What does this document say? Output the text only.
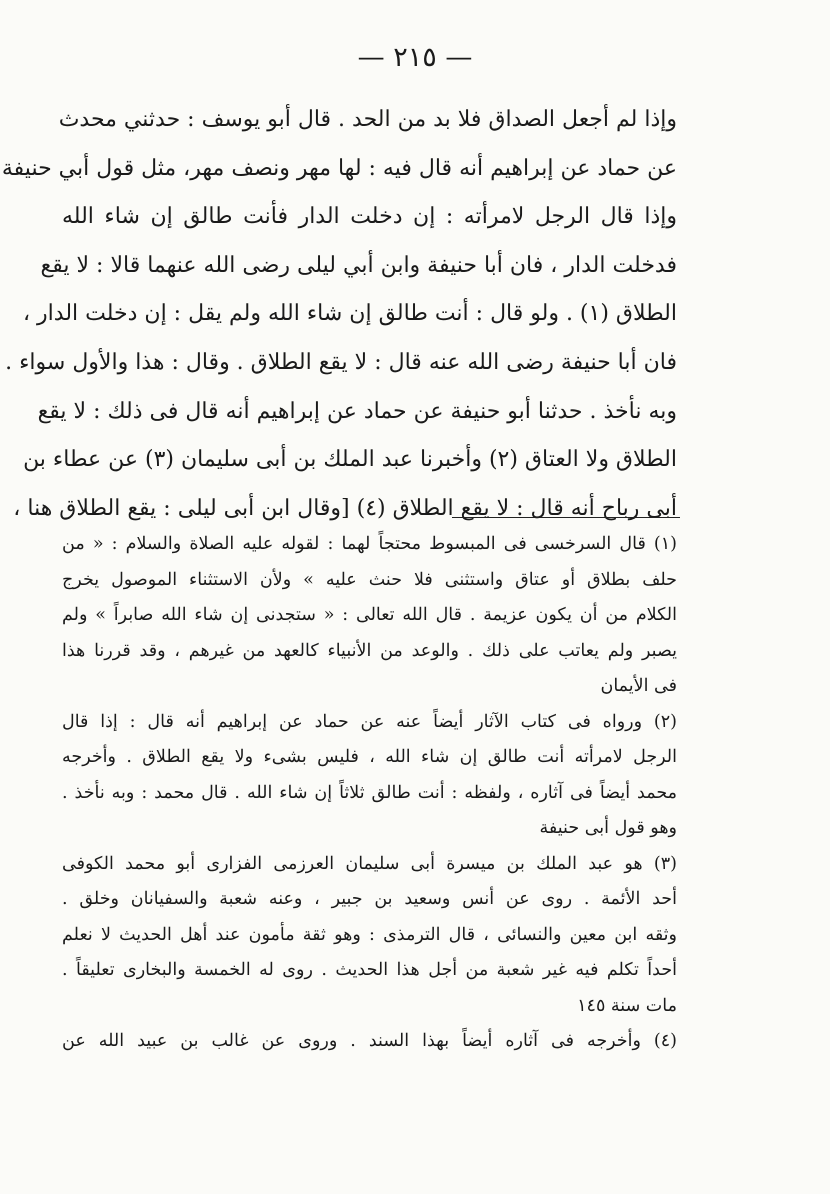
— ٢١٥ —

وإذا لم أجعل الصداق فلا بد من الحد . قال أبو يوسف : حدثني محدث

عن حماد عن إبراهيم أنه قال فيه : لها مهر ونصف مهر، مثل قول أبي حنيفة

وإذا قال الرجل لامرأته : إن دخلت الدار فأنت طالق إن شاء الله

فدخلت الدار ، فان أبا حنيفة وابن أبي ليلى رضى الله عنهما قالا : لا يقع

الطلاق (١) . ولو قال : أنت طالق إن شاء الله ولم يقل : إن دخلت الدار ،

فان أبا حنيفة رضى الله عنه قال : لا يقع الطلاق . وقال : هذا والأول سواء .

وبه نأخذ . حدثنا أبو حنيفة عن حماد عن إبراهيم أنه قال فى ذلك : لا يقع

الطلاق ولا العتاق (٢) وأخبرنا عبد الملك بن أبى سليمان (٣) عن عطاء بن

أبى رباح أنه قال : لا يقع الطلاق (٤) [وقال ابن أبى ليلى : يقع الطلاق هنا ،

(١) قال السرخسى فى المبسوط محتجاً لهما : لقوله عليه الصلاة والسلام : « من

حلف بطلاق أو عتاق واستثنى فلا حنث عليه » ولأن الاستثناء الموصول يخرج

الكلام من أن يكون عزيمة . قال الله تعالى : « ستجدنى إن شاء الله صابراً » ولم

يصبر ولم يعاتب على ذلك . والوعد من الأنبياء كالعهد من غيرهم ، وقد قررنا هذا

فى الأيمان

(٢) ورواه فى كتاب الآثار أيضاً عنه عن حماد عن إبراهيم أنه قال : إذا قال

الرجل لامرأته أنت طالق إن شاء الله ، فليس بشىء ولا يقع الطلاق . وأخرجه

محمد أيضاً فى آثاره ، ولفظه : أنت طالق ثلاثاً إن شاء الله . قال محمد : وبه نأخذ .

وهو قول أبى حنيفة

(٣) هو عبد الملك بن ميسرة أبى سليمان العرزمى الفزارى أبو محمد الكوفى

أحد الأئمة . روى عن أنس وسعيد بن جبير ، وعنه شعبة والسفيانان وخلق .

وثقه ابن معين والنسائى ، قال الترمذى : وهو ثقة مأمون عند أهل الحديث لا نعلم

أحداً تكلم فيه غير شعبة من أجل هذا الحديث . روى له الخمسة والبخارى تعليقاً .

مات سنة ١٤٥

(٤) وأخرجه فى آثاره أيضاً بهذا السند . وروى عن غالب بن عبيد الله عن
